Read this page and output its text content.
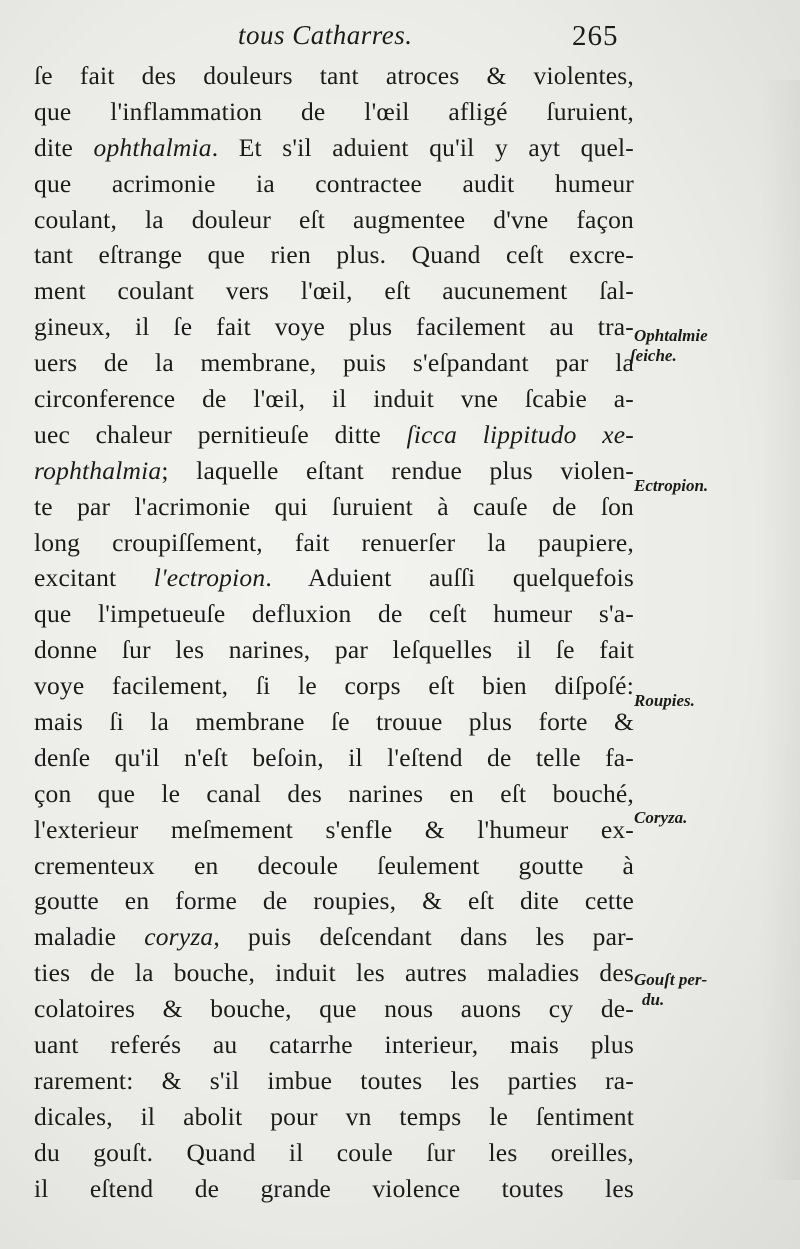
tous Catharres.	265
ſe fait des douleurs tant atroces & violentes,
que l'inflammation de l'œil afligé ſuruient,
dite ophthalmia. Et s'il aduient qu'il y ayt quel-
que acrimonie ia contractee audit humeur
coulant, la douleur eſt augmentee d'vne façon
tant eſtrange que rien plus. Quand ceſt excre-
ment coulant vers l'œil, eſt aucunement ſal-
gineux, il ſe fait voye plus facilement au tra-
uers de la membrane, puis s'eſpandant par la
circonference de l'œil, il induit vne ſcabie a-
uec chaleur pernitieuſe ditte ſicca lippitudo xe-
rophthalmia; laquelle eſtant rendue plus violen-
te par l'acrimonie qui ſuruient à cauſe de ſon
long croupiſſement, fait renuerſer la paupiere,
excitant l'ectropion. Aduient auſſi quelquefois
que l'impetueuſe defluxion de ceſt humeur s'a-
donne ſur les narines, par leſquelles il ſe fait
voye facilement, ſi le corps eſt bien diſpoſé:
mais ſi la membrane ſe trouue plus forte &
denſe qu'il n'eſt beſoin, il l'eſtend de telle fa-
çon que le canal des narines en eſt bouché,
l'exterieur meſmement s'enfle & l'humeur ex-
crementeux en decoule ſeulement goutte à
goutte en forme de roupies, & eſt dite cette
maladie coryza, puis deſcendant dans les par-
ties de la bouche, induit les autres maladies des
colatoires & bouche, que nous auons cy de-
uant referés au catarrhe interieur, mais plus
rarement: & s'il imbue toutes les parties ra-
dicales, il abolit pour vn temps le ſentiment
du gouſt. Quand il coule ſur les oreilles,
il eſtend de grande violence toutes les
Ophtalmie
ſeiche.
Ectropion.
Roupies.
Coryza.
Gouſt per-
du.
